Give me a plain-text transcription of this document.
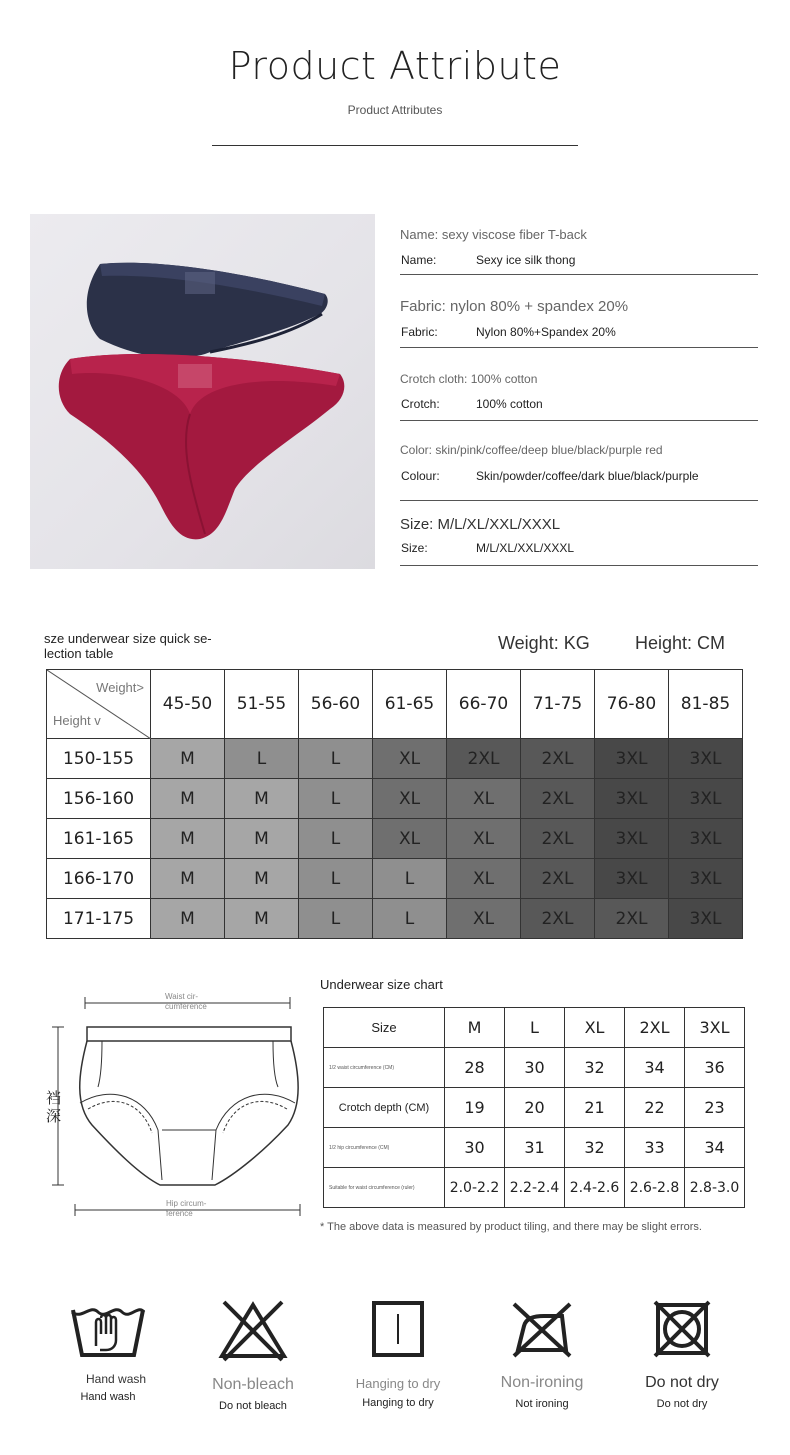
Product Attribute
Product Attributes
Name: sexy viscose fiber T-back
Name:	Sexy ice silk thong
Fabric: nylon 80% + spandex 20%
Fabric:	Nylon 80%+Spandex 20%
Crotch cloth: 100% cotton
Crotch:	100% cotton
Color: skin/pink/coffee/deep blue/black/purple red
Colour:	Skin/powder/coffee/dark blue/black/purple
Size: M/L/XL/XXL/XXXL
Size:	M/L/XL/XXL/XXXL
sze underwear size quick se-lection table
Weight: KG	Height: CM
Weight>
Height v	45-50	51-55	56-60	61-65	66-70	71-75	76-80	81-85
150-155	M	L	L	XL	2XL	2XL	3XL	3XL
156-160	M	M	L	XL	XL	2XL	3XL	3XL
161-165	M	M	L	XL	XL	2XL	3XL	3XL
166-170	M	M	L	L	XL	2XL	3XL	3XL
171-175	M	M	L	L	XL	2XL	2XL	3XL
Waist cir-
cumference
Hip circum-
ference
裆
深
Underwear size chart
Size	M	L	XL	2XL	3XL
1/2 waist circumference (CM)	28	30	32	34	36
Crotch depth (CM)	19	20	21	22	23
1/2 hip circumference (CM)	30	31	32	33	34
Suitable for waist circumference (ruler)	2.0-2.2	2.2-2.4	2.4-2.6	2.6-2.8	2.8-3.0
* The above data is measured by product tiling, and there may be slight errors.
Hand wash
Hand wash
Non-bleach
Do not bleach
Hanging to dry
Hanging to dry
Non-ironing
Not ironing
Do not dry
Do not dry
